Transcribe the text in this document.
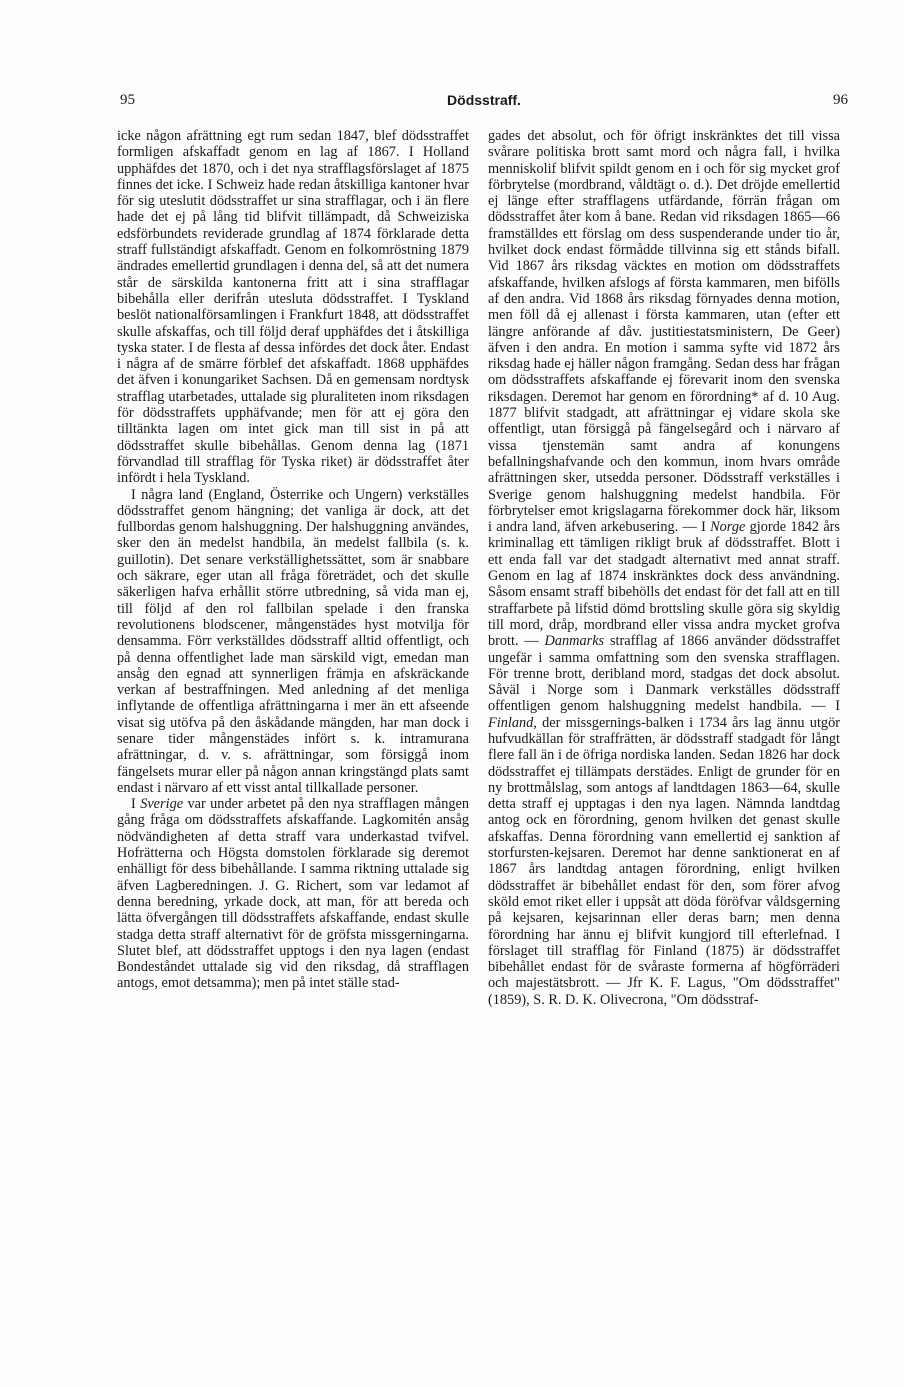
95	Dödsstraff.	96

icke någon afrättning egt rum sedan 1847, blef dödsstraffet formligen afskaffadt genom en lag af 1867. I Holland upphäfdes det 1870, och i det nya strafflagsförslaget af 1875 finnes det icke. I Schweiz hade redan åtskilliga kantoner hvar för sig uteslutit dödsstraffet ur sina strafflagar, och i än flere hade det ej på lång tid blifvit tillämpadt, då Schweiziska edsförbundets reviderade grundlag af 1874 förklarade detta straff fullständigt afskaffadt. Genom en folkomröstning 1879 ändrades emellertid grundlagen i denna del, så att det numera står de särskilda kantonerna fritt att i sina strafflagar bibehålla eller derifrån utesluta dödsstraffet. I Tyskland beslöt nationalförsamlingen i Frankfurt 1848, att dödsstraffet skulle afskaffas, och till följd deraf upphäfdes det i åtskilliga tyska stater. I de flesta af dessa infördes det dock åter. Endast i några af de smärre förblef det afskaffadt. 1868 upphäfdes det äfven i konungariket Sachsen. Då en gemensam nordtysk strafflag utarbetades, uttalade sig pluraliteten inom riksdagen för dödsstraffets upphäfvande; men för att ej göra den tilltänkta lagen om intet gick man till sist in på att dödsstraffet skulle bibehållas. Genom denna lag (1871 förvandlad till strafflag för Tyska riket) är dödsstraffet åter infördt i hela Tyskland.

I några land (England, Österrike och Ungern) verkställes dödsstraffet genom hängning; det vanliga är dock, att det fullbordas genom halshuggning. Der halshuggning användes, sker den än medelst handbila, än medelst fallbila (s. k. guillotin). Det senare verkställighetssättet, som är snabbare och säkrare, eger utan all fråga företrädet, och det skulle säkerligen hafva erhållit större utbredning, så vida man ej, till följd af den rol fallbilan spelade i den franska revolutionens blodscener, mångenstädes hyst motvilja för densamma. Förr verkställdes dödsstraff alltid offentligt, och på denna offentlighet lade man särskild vigt, emedan man ansåg den egnad att synnerligen främja en afskräckande verkan af bestraffningen. Med anledning af det menliga inflytande de offentliga afrättningarna i mer än ett afseende visat sig utöfva på den åskådande mängden, har man dock i senare tider mångenstädes infört s. k. intramurana afrättningar, d. v. s. afrättningar, som försiggå inom fängelsets murar eller på någon annan kringstängd plats samt endast i närvaro af ett visst antal tillkallade personer.

I Sverige var under arbetet på den nya strafflagen mången gång fråga om dödsstraffets afskaffande. Lagkomitén ansåg nödvändigheten af detta straff vara underkastad tvifvel. Hofrätterna och Högsta domstolen förklarade sig deremot enhälligt för dess bibehållande. I samma riktning uttalade sig äfven Lagberedningen. J. G. Richert, som var ledamot af denna beredning, yrkade dock, att man, för att bereda och lätta öfvergången till dödsstraffets afskaffande, endast skulle stadga detta straff alternativt för de gröfsta missgerningarna. Slutet blef, att dödsstraffet upptogs i den nya lagen (endast Bondeståndet uttalade sig vid den riksdag, då strafflagen antogs, emot detsamma); men på intet ställe stad-

gades det absolut, och för öfrigt inskränktes det till vissa svårare politiska brott samt mord och några fall, i hvilka menniskolif blifvit spildt genom en i och för sig mycket grof förbrytelse (mordbrand, våldtägt o. d.). Det dröjde emellertid ej länge efter strafflagens utfärdande, förrän frågan om dödsstraffet åter kom å bane. Redan vid riksdagen 1865—66 framställdes ett förslag om dess suspenderande under tio år, hvilket dock endast förmådde tillvinna sig ett stånds bifall. Vid 1867 års riksdag väcktes en motion om dödsstraffets afskaffande, hvilken afslogs af första kammaren, men bifölls af den andra. Vid 1868 års riksdag förnyades denna motion, men föll då ej allenast i första kammaren, utan (efter ett längre anförande af dåv. justitiestatsministern, De Geer) äfven i den andra. En motion i samma syfte vid 1872 års riksdag hade ej häller någon framgång. Sedan dess har frågan om dödsstraffets afskaffande ej förevarit inom den svenska riksdagen. Deremot har genom en förordning* af d. 10 Aug. 1877 blifvit stadgadt, att afrättningar ej vidare skola ske offentligt, utan försiggå på fängelsegård och i närvaro af vissa tjenstemän samt andra af konungens befallningshafvande och den kommun, inom hvars område afrättningen sker, utsedda personer. Dödsstraff verkställes i Sverige genom halshuggning medelst handbila. För förbrytelser emot krigslagarna förekommer dock här, liksom i andra land, äfven arkebusering. — I Norge gjorde 1842 års kriminallag ett tämligen rikligt bruk af dödsstraffet. Blott i ett enda fall var det stadgadt alternativt med annat straff. Genom en lag af 1874 inskränktes dock dess användning. Såsom ensamt straff bibehölls det endast för det fall att en till straffarbete på lifstid dömd brottsling skulle göra sig skyldig till mord, dråp, mordbrand eller vissa andra mycket grofva brott. — Danmarks strafflag af 1866 använder dödsstraffet ungefär i samma omfattning som den svenska strafflagen. För trenne brott, deribland mord, stadgas det dock absolut. Såväl i Norge som i Danmark verkställes dödsstraff offentligen genom halshuggning medelst handbila. — I Finland, der missgernings-balken i 1734 års lag ännu utgör hufvudkällan för straffrätten, är dödsstraff stadgadt för långt flere fall än i de öfriga nordiska landen. Sedan 1826 har dock dödsstraffet ej tillämpats derstädes. Enligt de grunder för en ny brottmålslag, som antogs af landtdagen 1863—64, skulle detta straff ej upptagas i den nya lagen. Nämnda landtdag antog ock en förordning, genom hvilken det genast skulle afskaffas. Denna förordning vann emellertid ej sanktion af storfursten-kejsaren. Deremot har denne sanktionerat en af 1867 års landtdag antagen förordning, enligt hvilken dödsstraffet är bibehållet endast för den, som förer afvog sköld emot riket eller i uppsåt att döda föröfvar våldsgerning på kejsaren, kejsarinnan eller deras barn; men denna förordning har ännu ej blifvit kungjord till efterlefnad. I förslaget till strafflag för Finland (1875) är dödsstraffet bibehållet endast för de svåraste formerna af högförräderi och majestätsbrott. — Jfr K. F. Lagus, "Om dödsstraffet" (1859), S. R. D. K. Olivecrona, "Om dödsstraf-
